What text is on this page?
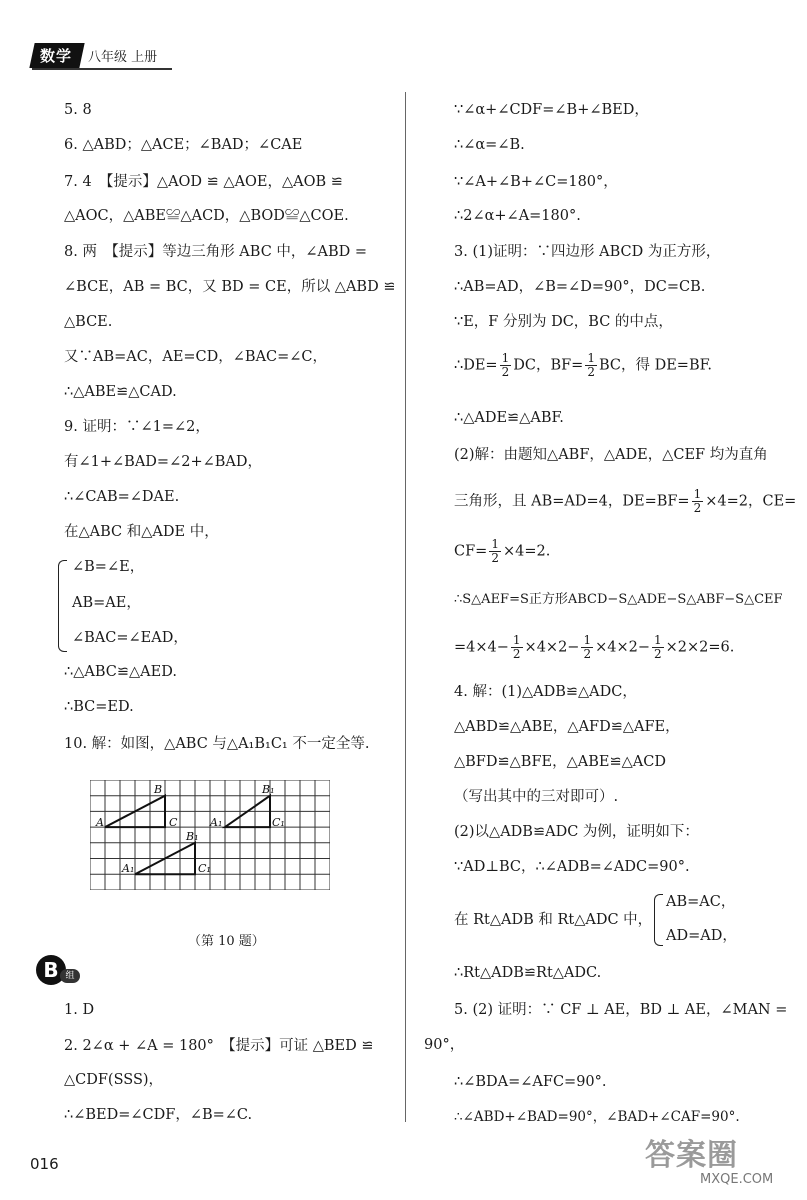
数学	八年级 上册
5. 8
6. △ABD；△ACE；∠BAD；∠CAE
7. 4　【提示】△AOD ≌ △AOE，△AOB ≌
△AOC，△ABE≌△ACD，△BOD≌△COE.
8. 两　【提示】等边三角形 ABC 中，∠ABD =
∠BCE，AB = BC，又 BD = CE，所以 △ABD ≌
△BCE.
又∵AB=AC，AE=CD，∠BAC=∠C，
∴△ABE≌△CAD.
9. 证明：∵∠1=∠2，
有∠1+∠BAD=∠2+∠BAD，
∴∠CAB=∠DAE.
在△ABC 和△ADE 中，
∠B=∠E，
AB=AE，
∠BAC=∠EAD，
∴△ABC≌△AED.
∴BC=ED.
10. 解：如图，△ABC 与△A₁B₁C₁ 不一定全等.
A
B
C	A₁
B₁
C₁
A₁
B₁
C₁
（第 10 题）
B 组
1. D
2. 2∠α + ∠A = 180°　【提示】可证 △BED ≌
△CDF(SSS)，
∴∠BED=∠CDF，∠B=∠C.
∵∠α+∠CDF=∠B+∠BED，
∴∠α=∠B.
∵∠A+∠B+∠C=180°，
∴2∠α+∠A=180°.
3. (1)证明：∵四边形 ABCD 为正方形，
∴AB=AD，∠B=∠D=90°，DC=CB.
∵E，F 分别为 DC，BC 的中点，
∴DE= $\frac{1}{2}$ DC，$BF= \frac{1}{2}$ BC，得 DE=BF.
∴△ADE≌△ABF.
(2)解：由题知△ABF，△ADE，△CEF 均为直角
三角形，且 AB=AD=4，$DE=BF= \frac{1}{2} \times 4=2$，CE=
$CF= \frac{1}{2} \times 4=2$.
∴S△AEF=S正方形ABCD−S△ADE−S△ABF−S△CEF
$=4\times 4- \frac{1}{2} \times 4\times 2- \frac{1}{2} \times 4\times 2- \frac{1}{2} \times 2\times 2=6$.
4. 解：(1)△ADB≌△ADC，
△ABD≌△ABE，△AFD≌△AFE，
△BFD≌△BFE，△ABE≌△ACD
（写出其中的三对即可）.
(2)以△ADB≌ADC 为例，证明如下：
∵AD⊥BC，∴∠ADB=∠ADC=90°.
在 Rt△ADB 和 Rt△ADC 中，
AB=AC，
AD=AD，
∴Rt△ADB≌Rt△ADC.
5. (2) 证明：∵ CF ⊥ AE，BD ⊥ AE，∠MAN =
90°，
∴∠BDA=∠AFC=90°.
∴∠ABD+∠BAD=90°，∠BAD+∠CAF=90°.
016	答案圈
MXQE.COM
